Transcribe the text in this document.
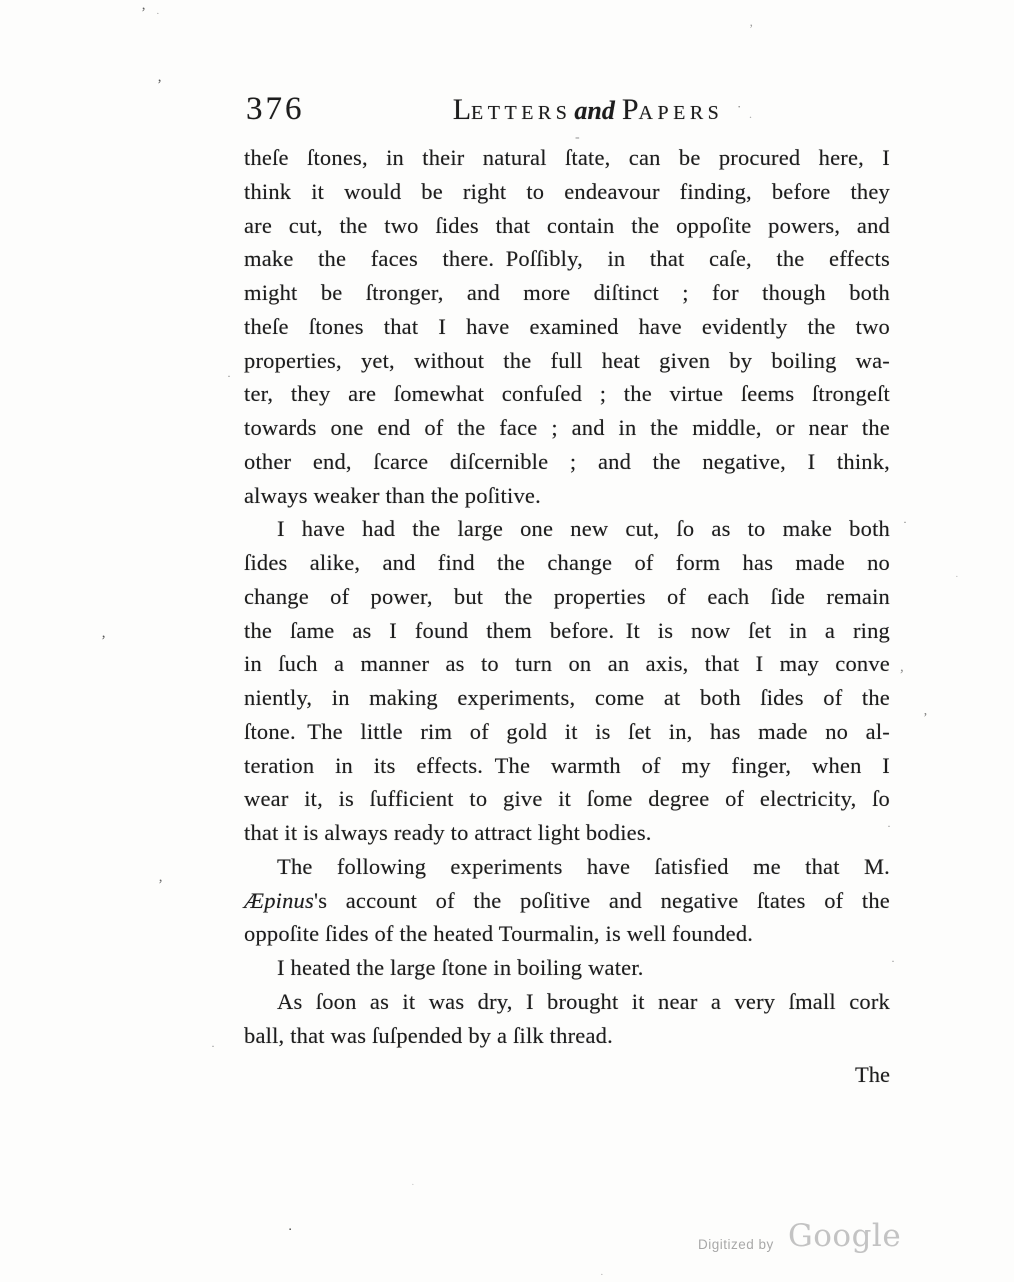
376	LETTERS and PAPERS
theſe ſtones, in their natural ſtate, can be procured here, I
think it would be right to endeavour finding, before they
are cut, the two ſides that contain the oppoſite powers, and
make the faces there. Poſſibly, in that caſe, the effects
might be ſtronger, and more diſtinct ; for though both
theſe ſtones that I have examined have evidently the two
properties, yet, without the full heat given by boiling wa-
ter, they are ſomewhat confuſed ; the virtue ſeems ſtrongeſt
towards one end of the face ; and in the middle, or near the
other end, ſcarce diſcernible ; and the negative, I think,
always weaker than the poſitive.
I have had the large one new cut, ſo as to make both
ſides alike, and find the change of form has made no
change of power, but the properties of each ſide remain
the ſame as I found them before. It is now ſet in a ring
in ſuch a manner as to turn on an axis, that I may conve
niently, in making experiments, come at both ſides of the
ſtone. The little rim of gold it is ſet in, has made no al-
teration in its effects. The warmth of my finger, when I
wear it, is ſufficient to give it ſome degree of electricity, ſo
that it is always ready to attract light bodies.
The following experiments have ſatisfied me that M.
Æpinus's account of the poſitive and negative ſtates of the
oppoſite ſides of the heated Tourmalin, is well founded.
I heated the large ſtone in boiling water.
As ſoon as it was dry, I brought it near a very ſmall cork
ball, that was ſuſpended by a ſilk thread.
The
’ ·
’
’
· .
-
·
’
·
·
,
’
·
’
·
·
·
▪
·
Digitized by Google
